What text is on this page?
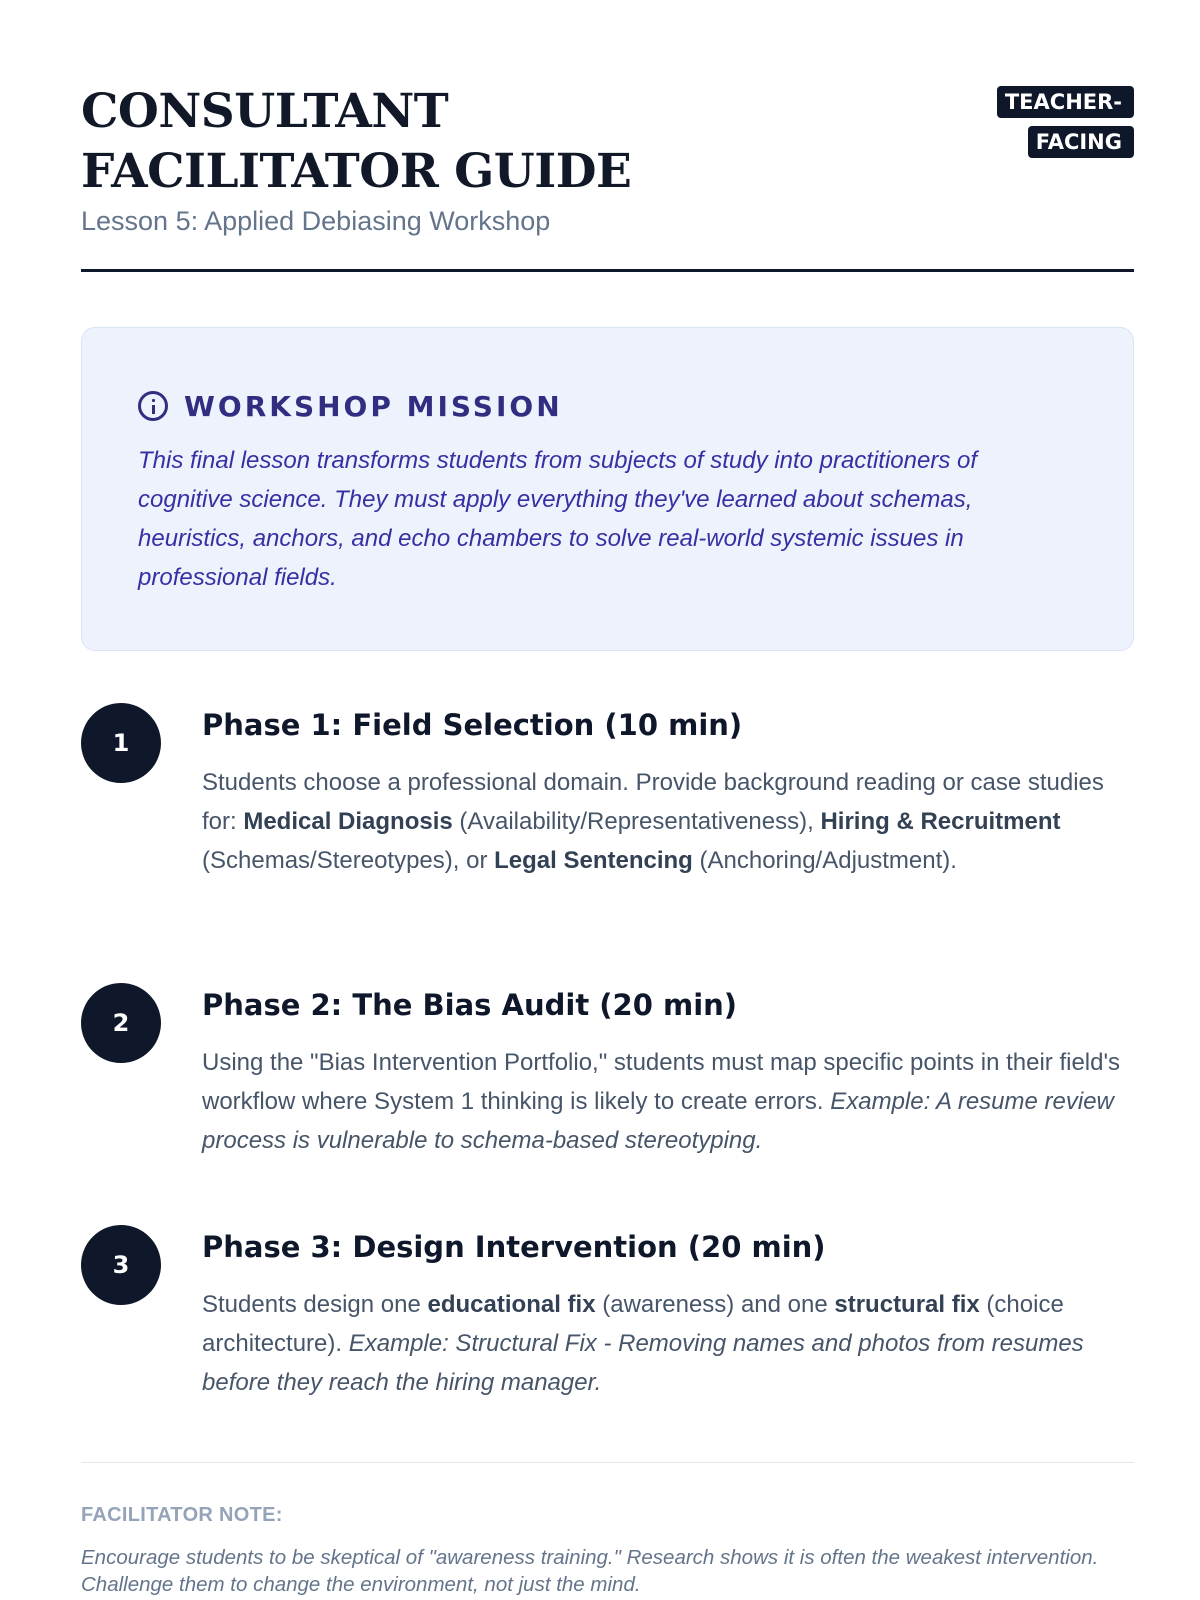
CONSULTANT FACILITATOR GUIDE
Lesson 5: Applied Debiasing Workshop
TEACHER-FACING
WORKSHOP MISSION

This final lesson transforms students from subjects of study into practitioners of cognitive science. They must apply everything they've learned about schemas, heuristics, anchors, and echo chambers to solve real-world systemic issues in professional fields.

1
Phase 1: Field Selection (10 min)

Students choose a professional domain. Provide background reading or case studies for: Medical Diagnosis (Availability/Representativeness), Hiring & Recruitment (Schemas/Stereotypes), or Legal Sentencing (Anchoring/Adjustment).

2
Phase 2: The Bias Audit (20 min)

Using the "Bias Intervention Portfolio," students must map specific points in their field's workflow where System 1 thinking is likely to create errors. Example: A resume review process is vulnerable to schema-based stereotyping.

3
Phase 3: Design Intervention (20 min)

Students design one educational fix (awareness) and one structural fix (choice architecture). Example: Structural Fix - Removing names and photos from resumes before they reach the hiring manager.

FACILITATOR NOTE:

Encourage students to be skeptical of "awareness training." Research shows it is often the weakest intervention. Challenge them to change the environment, not just the mind.
